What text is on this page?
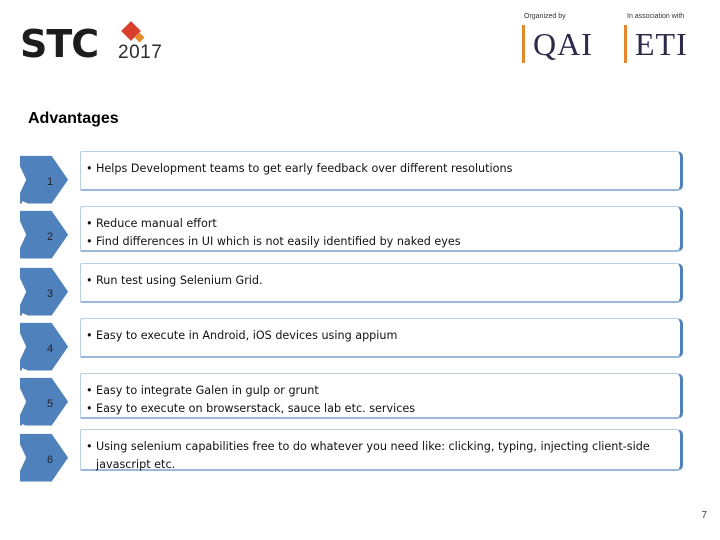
STC 2017
Organized by	In association with
QAI ETI
Advantages
1
• Helps Development teams to get early feedback over different resolutions
2
• Reduce manual effort
• Find differences in UI which is not easily identified by naked eyes
3
• Run test using Selenium Grid.
4
• Easy to execute in Android, iOS devices using appium
5
• Easy to integrate Galen in gulp or grunt
• Easy to execute on browserstack, sauce lab etc. services
6
• Using selenium capabilities free to do whatever you need like: clicking, typing, injecting client-side javascript etc.
7
